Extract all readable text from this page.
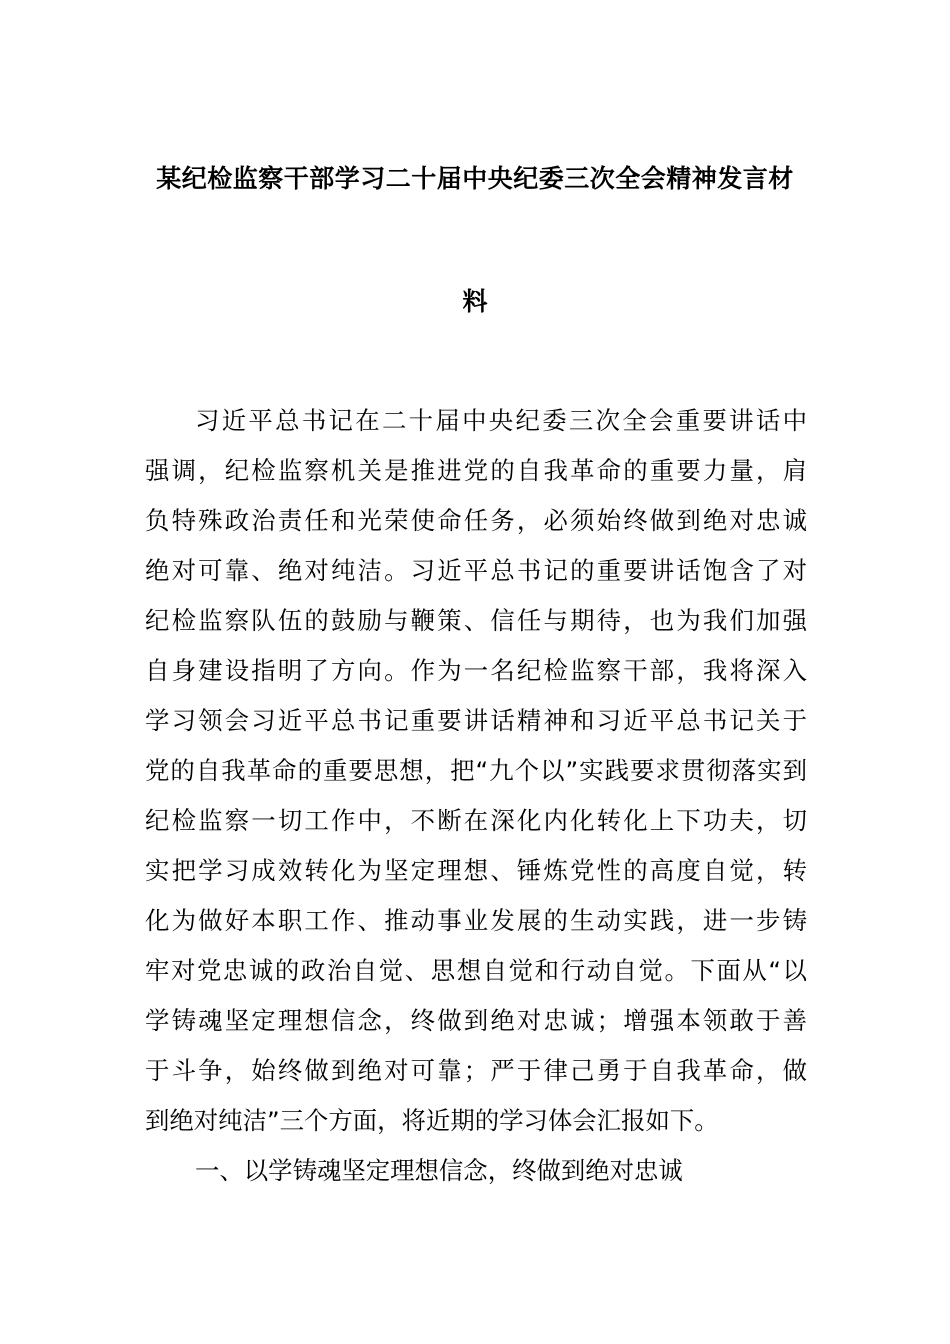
某纪检监察干部学习二十届中央纪委三次全会精神发言材
料
习近平总书记在二十届中央纪委三次全会重要讲话中
强调，纪检监察机关是推进党的自我革命的重要力量，肩
负特殊政治责任和光荣使命任务，必须始终做到绝对忠诚
绝对可靠、绝对纯洁。习近平总书记的重要讲话饱含了对
纪检监察队伍的鼓励与鞭策、信任与期待，也为我们加强
自身建设指明了方向。作为一名纪检监察干部，我将深入
学习领会习近平总书记重要讲话精神和习近平总书记关于
党的自我革命的重要思想，把“九个以”实践要求贯彻落实到
纪检监察一切工作中，不断在深化内化转化上下功夫，切
实把学习成效转化为坚定理想、锤炼党性的高度自觉，转
化为做好本职工作、推动事业发展的生动实践，进一步铸
牢对党忠诚的政治自觉、思想自觉和行动自觉。下面从“以
学铸魂坚定理想信念，终做到绝对忠诚；增强本领敢于善
于斗争，始终做到绝对可靠；严于律己勇于自我革命，做
到绝对纯洁”三个方面，将近期的学习体会汇报如下。
一、以学铸魂坚定理想信念，终做到绝对忠诚
